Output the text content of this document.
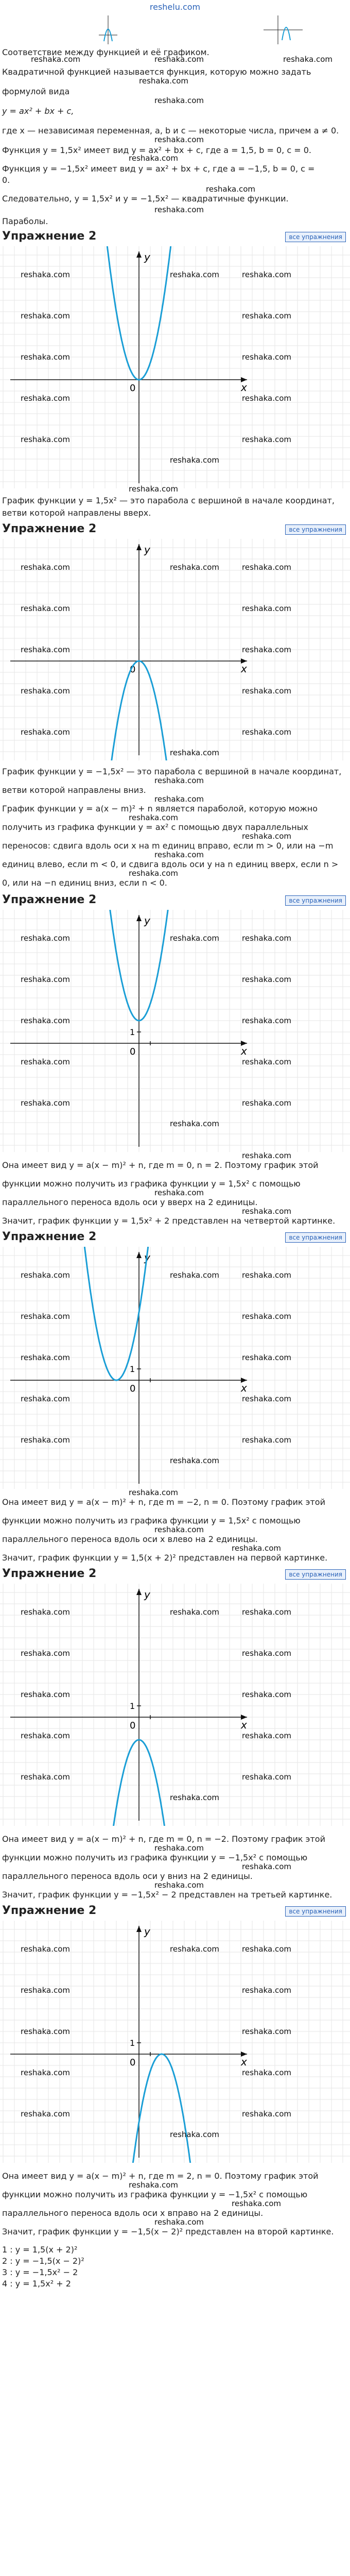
reshelu.com
Соответствие между функцией и её графиком.
Квадратичной функцией называется функция, которую можно задать
формулой вида
y = ax² + bx + c,
где x — независимая переменная, a, b и c — некоторые числа, причем a ≠ 0.
Функция y = 1,5x² имеет вид y = ax² + bx + c, где a = 1,5, b = 0, c = 0.
Функция y = −1,5x² имеет вид y = ax² + bx + c, где a = −1,5, b = 0, c =
0.
Следовательно, y = 1,5x² и y = −1,5x² — квадратичные функции.
Параболы.
reshaka.com	reshaka.com	reshaka.com
reshaka.com
reshaka.com
reshaka.com
reshaka.com
reshaka.com
reshaka.com
Упражнение 2	все упражнения
x
y
0
reshaka.com
reshaka.com
reshaka.com
reshaka.com
reshaka.com
reshaka.com
reshaka.com
reshaka.com
reshaka.com
reshaka.com
reshaka.com
reshaka.com
График функции y = 1,5x² — это парабола с вершиной в начале координат,
ветви которой направлены вверх.
Упражнение 2	все упражнения
x
y
0
reshaka.com
reshaka.com
reshaka.com
reshaka.com
reshaka.com
reshaka.com
reshaka.com
reshaka.com
reshaka.com
reshaka.com
reshaka.com
reshaka.com
График функции y = −1,5x² — это парабола с вершиной в начале координат,
ветви которой направлены вниз.
График функции y = a(x − m)² + n является параболой, которую можно
получить из графика функции y = ax² с помощью двух параллельных
переносов: сдвига вдоль оси x на m единиц вправо, если m > 0, или на −m
единиц влево, если m < 0, и сдвига вдоль оси y на n единиц вверх, если n >
0, или на −n единиц вниз, если n < 0.
Упражнение 2	все упражнения
x
y
0
1
reshaka.com
reshaka.com
reshaka.com
reshaka.com
reshaka.com
reshaka.com
reshaka.com
reshaka.com
reshaka.com
reshaka.com
reshaka.com
reshaka.com
Она имеет вид y = a(x − m)² + n, где m = 0, n = 2. Поэтому график этой
функции можно получить из графика функции y = 1,5x² с помощью
параллельного переноса вдоль оси y вверх на 2 единицы.
Значит, график функции y = 1,5x² + 2 представлен на четвертой картинке.
Упражнение 2	все упражнения
x
y
0
1
reshaka.com
reshaka.com
reshaka.com
reshaka.com
reshaka.com
reshaka.com
reshaka.com
reshaka.com
reshaka.com
reshaka.com
reshaka.com
reshaka.com
Она имеет вид y = a(x − m)² + n, где m = −2, n = 0. Поэтому график этой
функции можно получить из графика функции y = 1,5x² с помощью
параллельного переноса вдоль оси x влево на 2 единицы.
Значит, график функции y = 1,5(x + 2)² представлен на первой картинке.
Упражнение 2	все упражнения
x
y
0
1
reshaka.com
reshaka.com
reshaka.com
reshaka.com
reshaka.com
reshaka.com
reshaka.com
reshaka.com
reshaka.com
reshaka.com
reshaka.com
reshaka.com
Она имеет вид y = a(x − m)² + n, где m = 0, n = −2. Поэтому график этой
функции можно получить из графика функции y = −1,5x² с помощью
параллельного переноса вдоль оси y вниз на 2 единицы.
Значит, график функции y = −1,5x² − 2 представлен на третьей картинке.
Упражнение 2	все упражнения
x
y
0
1
reshaka.com
reshaka.com
reshaka.com
reshaka.com
reshaka.com
reshaka.com
reshaka.com
reshaka.com
reshaka.com
reshaka.com
reshaka.com
reshaka.com
Она имеет вид y = a(x − m)² + n, где m = 2, n = 0. Поэтому график этой
функции можно получить из графика функции y = −1,5x² с помощью
параллельного переноса вдоль оси x вправо на 2 единицы.
Значит, график функции y = −1,5(x − 2)² представлен на второй картинке.
1 : y = 1,5(x + 2)²
2 : y = −1,5(x − 2)²
3 : y = −1,5x² − 2
4 : y = 1,5x² + 2
reshaka.com
reshaka.com
reshaka.com
reshaka.com
reshaka.com
reshaka.com
reshaka.com
reshaka.com
reshaka.com
reshaka.com
reshaka.com
reshaka.com
reshaka.com
reshaka.com
reshaka.com
reshaka.com
reshaka.com
reshaka.com
reshaka.com
